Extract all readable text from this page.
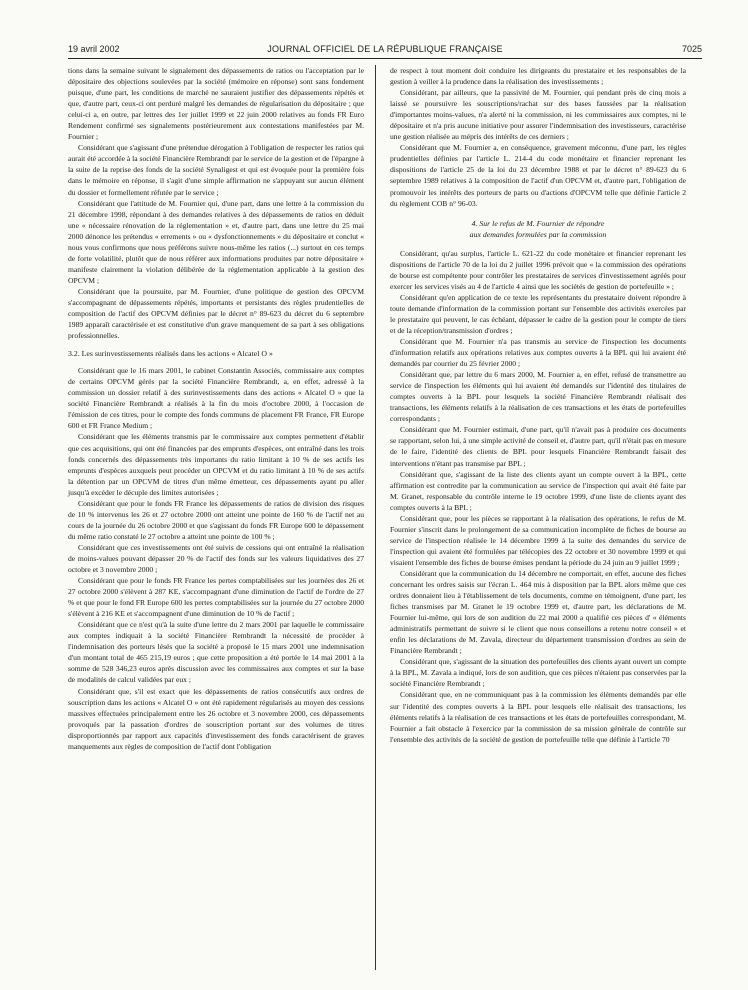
19 avril 2002	JOURNAL OFFICIEL DE LA RÉPUBLIQUE FRANÇAISE	7025

tions dans la semaine suivant le signalement des dépassements de ratios ou l'acceptation par le dépositaire des objections soulevées par la société (mémoire en réponse) sont sans fondement puisque, d'une part, les conditions de marché ne sauraient justifier des dépassements répétés et que, d'autre part, ceux-ci ont perduré malgré les demandes de régularisation du dépositaire ; que celui-ci a, en outre, par lettres des 1er juillet 1999 et 22 juin 2000 relatives au fonds FR Euro Rendement confirmé ses signalements postérieurement aux contestations manifestées par M. Fournier ;

Considérant que s'agissant d'une prétendue dérogation à l'obligation de respecter les ratios qui aurait été accordée à la société Financière Rembrandt par le service de la gestion et de l'épargne à la suite de la reprise des fonds de la société Synaligest et qui est évoquée pour la première fois dans le mémoire en réponse, il s'agit d'une simple affirmation ne s'appuyant sur aucun élément du dossier et formellement réfutée par le service ;

Considérant que l'attitude de M. Fournier qui, d'une part, dans une lettre à la commission du 21 décembre 1998, répondant à des demandes relatives à des dépassements de ratios en déduit une « nécessaire rénovation de la réglementation » et, d'autre part, dans une lettre du 25 mai 2000 dénonce les prétendus « errements » ou « dysfonctionnements » du dépositaire et conclut « nous vous confirmons que nous préférons suivre nous-même les ratios (...) surtout en ces temps de forte volatilité, plutôt que de nous référer aux informations produites par notre dépositaire » manifeste clairement la violation délibérée de la réglementation applicable à la gestion des OPCVM ;

Considérant que la poursuite, par M. Fournier, d'une politique de gestion des OPCVM s'accompagnant de dépassements répétés, importants et persistants des règles prudentielles de composition de l'actif des OPCVM définies par le décret n° 89-623 du décret du 6 septembre 1989 apparaît caractérisée et est constitutive d'un grave manquement de sa part à ses obligations professionnelles.

3.2. Les surinvestissements réalisés dans les actions « Alcatel O »

Considérant que le 16 mars 2001, le cabinet Constantin Associés, commissaire aux comptes de certains OPCVM gérés par la société Financière Rembrandt, a, en effet, adressé à la commission un dossier relatif à des surinvestissements dans des actions « Alcatel O » que la société Financière Rembrandt a réalisés à la fin du mois d'octobre 2000, à l'occasion de l'émission de ces titres, pour le compte des fonds communs de placement FR France, FR Europe 600 et FR France Medium ;

Considérant que les éléments transmis par le commissaire aux comptes permettent d'établir que ces acquisitions, qui ont été financées par des emprunts d'espèces, ont entraîné dans les trois fonds concernés des dépassements très importants du ratio limitant à 10 % de ses actifs les emprunts d'espèces auxquels peut procéder un OPCVM et du ratio limitant à 10 % de ses actifs la détention par un OPCVM de titres d'un même émetteur, ces dépassements ayant pu aller jusqu'à excéder le décuple des limites autorisées ;

Considérant que pour le fonds FR France les dépassements de ratios de division des risques de 10 % intervenus les 26 et 27 octobre 2000 ont atteint une pointe de 160 % de l'actif net au cours de la journée du 26 octobre 2000 et que s'agissant du fonds FR Europe 600 le dépassement du même ratio constaté le 27 octobre a atteint une pointe de 100 % ;

Considérant que ces investissements ont été suivis de cessions qui ont entraîné la réalisation de moins-values pouvant dépasser 20 % de l'actif des fonds sur les valeurs liquidatives des 27 octobre et 3 novembre 2000 ;

Considérant que pour le fonds FR France les pertes comptabilisées sur les journées des 26 et 27 octobre 2000 s'élèvent à 287 KE, s'accompagnant d'une diminution de l'actif de l'ordre de 27 % et que pour le fond FR Europe 600 les pertes comptabilisées sur la journée du 27 octobre 2000 s'élèvent à 216 KE et s'accompagnent d'une diminution de 10 % de l'actif ;

Considérant que ce n'est qu'à la suite d'une lettre du 2 mars 2001 par laquelle le commissaire aux comptes indiquait à la société Financière Rembrandt la nécessité de procéder à l'indemnisation des porteurs lésés que la société a proposé le 15 mars 2001 une indemnisation d'un montant total de 465 215,19 euros ; que cette proposition a été portée le 14 mai 2001 à la somme de 528 346,23 euros après discussion avec les commissaires aux comptes et sur la base de modalités de calcul validées par eux ;

Considérant que, s'il est exact que les dépassements de ratios consécutifs aux ordres de souscription dans les actions « Alcatel O » ont été rapidement régularisés au moyen des cessions massives effectuées principalement entre les 26 octobre et 3 novembre 2000, ces dépassements provoqués par la passation d'ordres de souscription portant sur des volumes de titres disproportionnés par rapport aux capacités d'investissement des fonds caractérisent de graves manquements aux règles de composition de l'actif dont l'obligation

de respect à tout moment doit conduire les dirigeants du prestataire et les responsables de la gestion à veiller à la prudence dans la réalisation des investissements ;

Considérant, par ailleurs, que la passivité de M. Fournier, qui pendant près de cinq mois a laissé se poursuivre les souscriptions/rachat sur des bases faussées par la réalisation d'importantes moins-values, n'a alerté ni la commission, ni les commissaires aux comptes, ni le dépositaire et n'a pris aucune initiative pour assurer l'indemnisation des investisseurs, caractérise une gestion réalisée au mépris des intérêts de ces derniers ;

Considérant que M. Fournier a, en conséquence, gravement méconnu, d'une part, les règles prudentielles définies par l'article L. 214-4 du code monétaire et financier reprenant les dispositions de l'article 25 de la loi du 23 décembre 1988 et par le décret n° 89-623 du 6 septembre 1989 relatives à la composition de l'actif d'un OPCVM et, d'autre part, l'obligation de promouvoir les intérêts des porteurs de parts ou d'actions d'OPCVM telle que définie l'article 2 du règlement COB n° 96-03.

4. Sur le refus de M. Fournier de répondre
aux demandes formulées par la commission

Considérant, qu'au surplus, l'article L. 621-22 du code monétaire et financier reprenant les dispositions de l'article 70 de la loi du 2 juillet 1996 prévoit que « la commission des opérations de bourse est compétente pour contrôler les prestataires de services d'investissement agréés pour exercer les services visés au 4 de l'article 4 ainsi que les sociétés de gestion de portefeuille » ;

Considérant qu'en application de ce texte les représentants du prestataire doivent répondre à toute demande d'information de la commission portant sur l'ensemble des activités exercées par le prestataire qui peuvent, le cas échéant, dépasser le cadre de la gestion pour le compte de tiers et de la réception/transmission d'ordres ;

Considérant que M. Fournier n'a pas transmis au service de l'inspection les documents d'information relatifs aux opérations relatives aux comptes ouverts à la BPL qui lui avaient été demandés par courrier du 25 février 2000 ;

Considérant que, par lettre du 6 mars 2000, M. Fournier a, en effet, refusé de transmettre au service de l'inspection les éléments qui lui avaient été demandés sur l'identité des titulaires de comptes ouverts à la BPL pour lesquels la société Financière Rembrandt réalisait des transactions, les éléments relatifs à la réalisation de ces transactions et les états de portefeuilles correspondants ;

Considérant que M. Fournier estimait, d'une part, qu'il n'avait pas à produire ces documents se rapportant, selon lui, à une simple activité de conseil et, d'autre part, qu'il n'était pas en mesure de le faire, l'identité des clients de BPL pour lesquels Financière Rembrandt faisait des interventions n'étant pas transmise par BPL ;

Considérant que, s'agissant de la liste des clients ayant un compte ouvert à la BPL, cette affirmation est contredite par la communication au service de l'inspection qui avait été faite par M. Granet, responsable du contrôle interne le 19 octobre 1999, d'une liste de clients ayant des comptes ouverts à la BPL ;

Considérant que, pour les pièces se rapportant à la réalisation des opérations, le refus de M. Fournier s'inscrit dans le prolongement de sa communication incomplète de fiches de bourse au service de l'inspection réalisée le 14 décembre 1999 à la suite des demandes du service de l'inspection qui avaient été formulées par télécopies des 22 octobre et 30 novembre 1999 et qui visaient l'ensemble des fiches de bourse émises pendant la période du 24 juin au 9 juillet 1999 ;

Considérant que la communication du 14 décembre ne comportait, en effet, aucune des fiches concernant les ordres saisis sur l'écran L. 464 mis à disposition par la BPL alors même que ces ordres donnaient lieu à l'établissement de tels documents, comme en témoignent, d'une part, les fiches transmises par M. Granet le 19 octobre 1999 et, d'autre part, les déclarations de M. Fournier lui-même, qui lors de son audition du 22 mai 2000 a qualifié ces pièces d' « éléments administratifs permettant de suivre si le client que nous conseillons a retenu notre conseil » et enfin les déclarations de M. Zavala, directeur du département transmission d'ordres au sein de Financière Rembrandt ;

Considérant que, s'agissant de la situation des portefeuilles des clients ayant ouvert un compte à la BPL, M. Zavala a indiqué, lors de son audition, que ces pièces n'étaient pas conservées par la société Financière Rembrandt ;

Considérant que, en ne communiquant pas à la commission les éléments demandés par elle sur l'identité des comptes ouverts à la BPL pour lesquels elle réalisait des transactions, les éléments relatifs à la réalisation de ces transactions et les états de portefeuilles correspondant, M. Fournier a fait obstacle à l'exercice par la commission de sa mission générale de contrôle sur l'ensemble des activités de la société de gestion de portefeuille telle que définie à l'article 70
